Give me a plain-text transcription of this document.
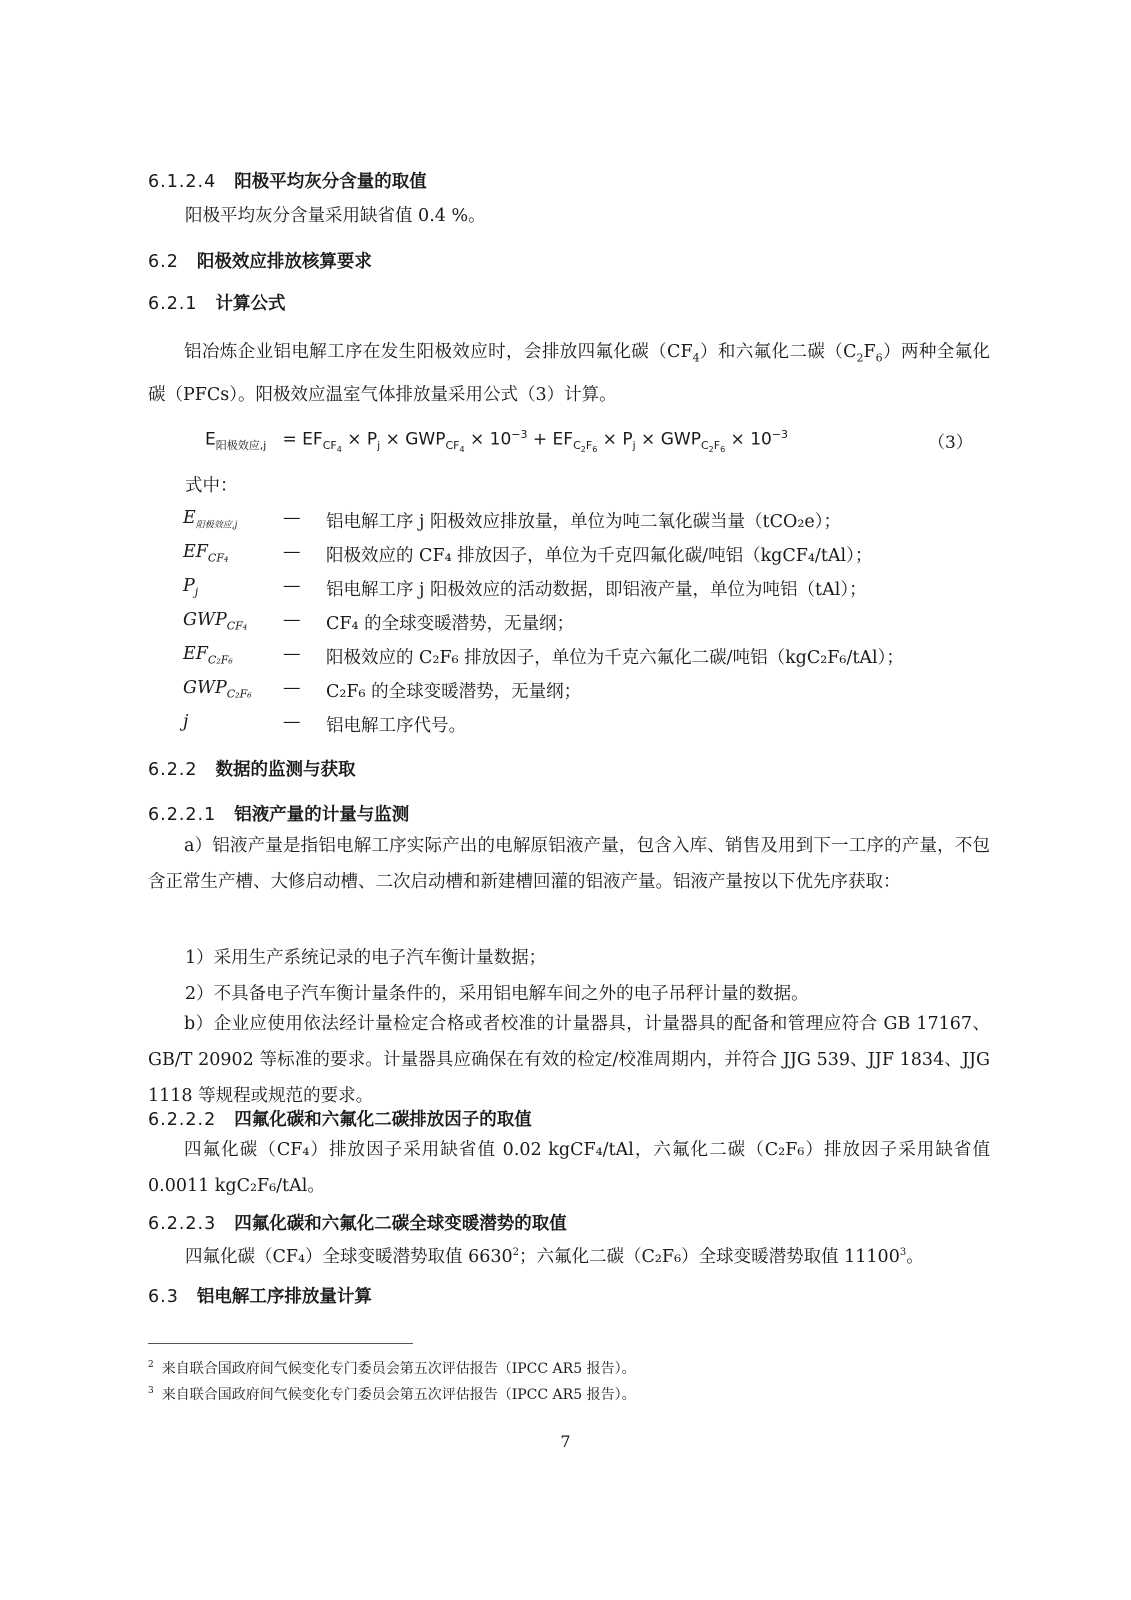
6.1.2.4 阳极平均灰分含量的取值
阳极平均灰分含量采用缺省值 0.4 %。
6.2 阳极效应排放核算要求
6.2.1 计算公式
铝冶炼企业铝电解工序在发生阳极效应时，会排放四氟化碳$(CF_4)$和六氟化二碳$(C_2F_6)$两种全氟化碳（PFCs）。阳极效应温室气体排放量采用公式（3）计算。
$E_{阳极效应,j} = EF_{CF_4} \times P_j \times GWP_{CF_4} \times 10^{-3} + EF_{C_2F_6} \times P_j \times GWP_{C_2F_6} \times 10^{-3}$	（3）
式中：
$E_{阳极效应,j}$	— 铝电解工序 j 阳极效应排放量，单位为吨二氧化碳当量（tCO₂e）；
$EF_{CF_4}$	— 阳极效应的 CF₄ 排放因子，单位为千克四氟化碳/吨铝（kgCF₄/tAl）；
$P_j$	— 铝电解工序 j 阳极效应的活动数据，即铝液产量，单位为吨铝（tAl）；
$GWP_{CF_4}$ — CF₄ 的全球变暖潜势，无量纲；
$EF_{C_2F_6}$	— 阳极效应的 C₂F₆ 排放因子，单位为千克六氟化二碳/吨铝（kgC₂F₆/tAl）；
$GWP_{C_2F_6}$ — C₂F₆ 的全球变暖潜势，无量纲；
j	— 铝电解工序代号。
6.2.2 数据的监测与获取
6.2.2.1 铝液产量的计量与监测
a）铝液产量是指铝电解工序实际产出的电解原铝液产量，包含入库、销售及用到下一工序的产量，不包含正常生产槽、大修启动槽、二次启动槽和新建槽回灌的铝液产量。铝液产量按以下优先序获取：
1）采用生产系统记录的电子汽车衡计量数据；
2）不具备电子汽车衡计量条件的，采用铝电解车间之外的电子吊秤计量的数据。
b）企业应使用依法经计量检定合格或者校准的计量器具，计量器具的配备和管理应符合 GB 17167、GB/T 20902 等标准的要求。计量器具应确保在有效的检定/校准周期内，并符合 JJG 539、JJF 1834、JJG 1118 等规程或规范的要求。
6.2.2.2 四氟化碳和六氟化二碳排放因子的取值
四氟化碳（CF₄）排放因子采用缺省值 0.02 kgCF₄/tAl，六氟化二碳（C₂F₆）排放因子采用缺省值 0.0011 kgC₂F₆/tAl。
6.2.2.3 四氟化碳和六氟化二碳全球变暖潜势的取值
四氟化碳（CF₄）全球变暖潜势取值 6630$^2$；六氟化二碳（C₂F₆）全球变暖潜势取值 11100$^3$。
6.3 铝电解工序排放量计算
$^2$ 来自联合国政府间气候变化专门委员会第五次评估报告（IPCC AR5 报告）。
$^3$ 来自联合国政府间气候变化专门委员会第五次评估报告（IPCC AR5 报告）。
7
